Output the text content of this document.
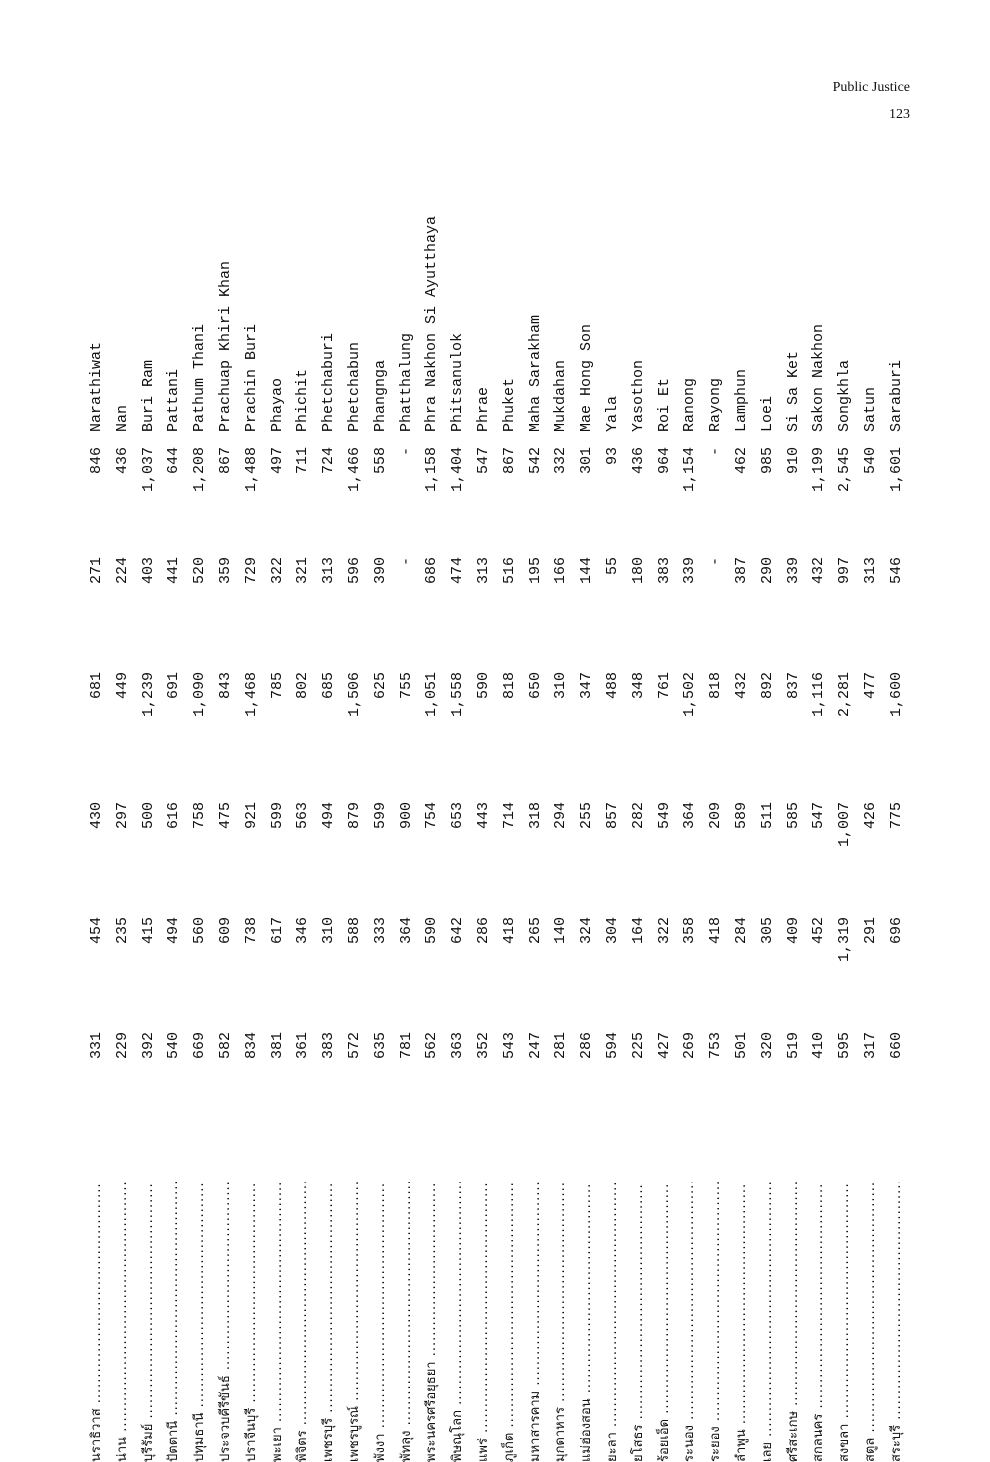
Public Justice
123
นราธิวาส ..... น่าน ..... บุรีรัมย์ ..... ปัตตานี ..... ปทุมธานี ..... ประจวบคีรีขันธ์ ..... ปราจีนบุรี ..... พะเยา ..... พิจิตร ..... เพชรบุรี ..... เพชรบูรณ์ ..... พังงา ..... พัทลุง ..... พระนครศรีอยุธยา ..... พิษณุโลก ..... แพร่ ..... ภูเก็ต ..... มหาสารคาม ..... มุกดาหาร ..... แม่ฮ่องสอน ..... ยะลา ..... ยโสธร ..... ร้อยเอ็ด ..... ระนอง ..... ระยอง ..... ลำพูน ..... เลย ..... ศรีสะเกษ ..... สกลนคร ..... สงขลา ..... สตูล ..... สระบุรี .....
331 229 392 540 669 582 834 381 361 383 572 635 781 562 363 352 543 247 281 286 594 225 427 269 753 501 320 519 410 595 317 660
454 235 415 494 560 609 738 617 346 310 588 333 364 590 642 286 418 265 140 324 304 164 322 358 418 284 305 409 452 1,319 291 696
430 297 500 616 758 475 921 599 563 494 879 599 900 754 653 443 714 318 294 255 857 282 549 364 209 589 511 585 547 1,007 426 775
681 449 1,239 691 1,090 843 1,468 785 802 685 1,506 625 755 1,051 1,558 590 818 650 310 347 488 348 761 1,502 818 432 892 837 1,116 2,281 477 1,600
271 224 403 441 520 359 729 322 321 313 596 390 - 686 474 313 516 195 166 144 55 180 383 339 - 387 290 339 432 997 313 546
846 436 1,037 644 1,208 867 1,488 497 711 724 1,466 558 - 1,158 1,404 547 867 542 332 301 93 436 964 1,154 - 462 985 910 1,199 2,545 540 1,601
Narathiwat Nan Buri Ram Pattani Pathum Thani Prachuap Khiri Khan Prachin Buri Phayao Phichit Phetchaburi Phetchabun Phangnga Phatthalung Phra Nakhon Si Ayutthaya Phitsanulok Phrae Phuket Maha Sarakham Mukdahan Mae Hong Son Yala Yasothon Roi Et Ranong Rayong Lamphun Loei Si Sa Ket Sakon Nakhon Songkhla Satun Saraburi
